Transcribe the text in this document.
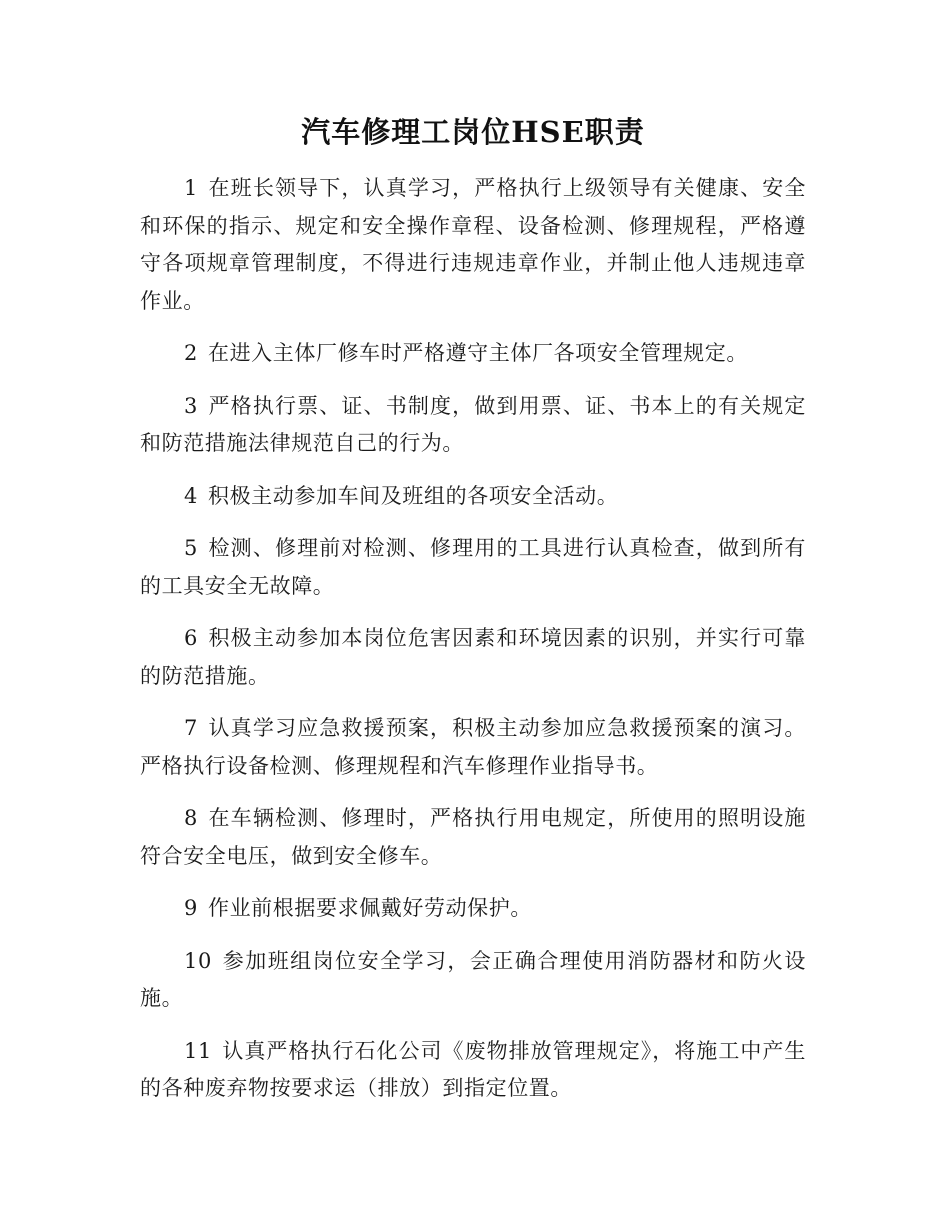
汽车修理工岗位HSE职责

1 在班长领导下，认真学习，严格执行上级领导有关健康、安全和环保的指示、规定和安全操作章程、设备检测、修理规程，严格遵守各项规章管理制度，不得进行违规违章作业，并制止他人违规违章作业。

2 在进入主体厂修车时严格遵守主体厂各项安全管理规定。

3 严格执行票、证、书制度，做到用票、证、书本上的有关规定和防范措施法律规范自己的行为。

4 积极主动参加车间及班组的各项安全活动。

5 检测、修理前对检测、修理用的工具进行认真检查，做到所有的工具安全无故障。

6 积极主动参加本岗位危害因素和环境因素的识别，并实行可靠的防范措施。

7 认真学习应急救援预案，积极主动参加应急救援预案的演习。严格执行设备检测、修理规程和汽车修理作业指导书。

8 在车辆检测、修理时，严格执行用电规定，所使用的照明设施符合安全电压，做到安全修车。

9 作业前根据要求佩戴好劳动保护。

10 参加班组岗位安全学习，会正确合理使用消防器材和防火设施。

11 认真严格执行石化公司《废物排放管理规定》，将施工中产生的各种废弃物按要求运（排放）到指定位置。
